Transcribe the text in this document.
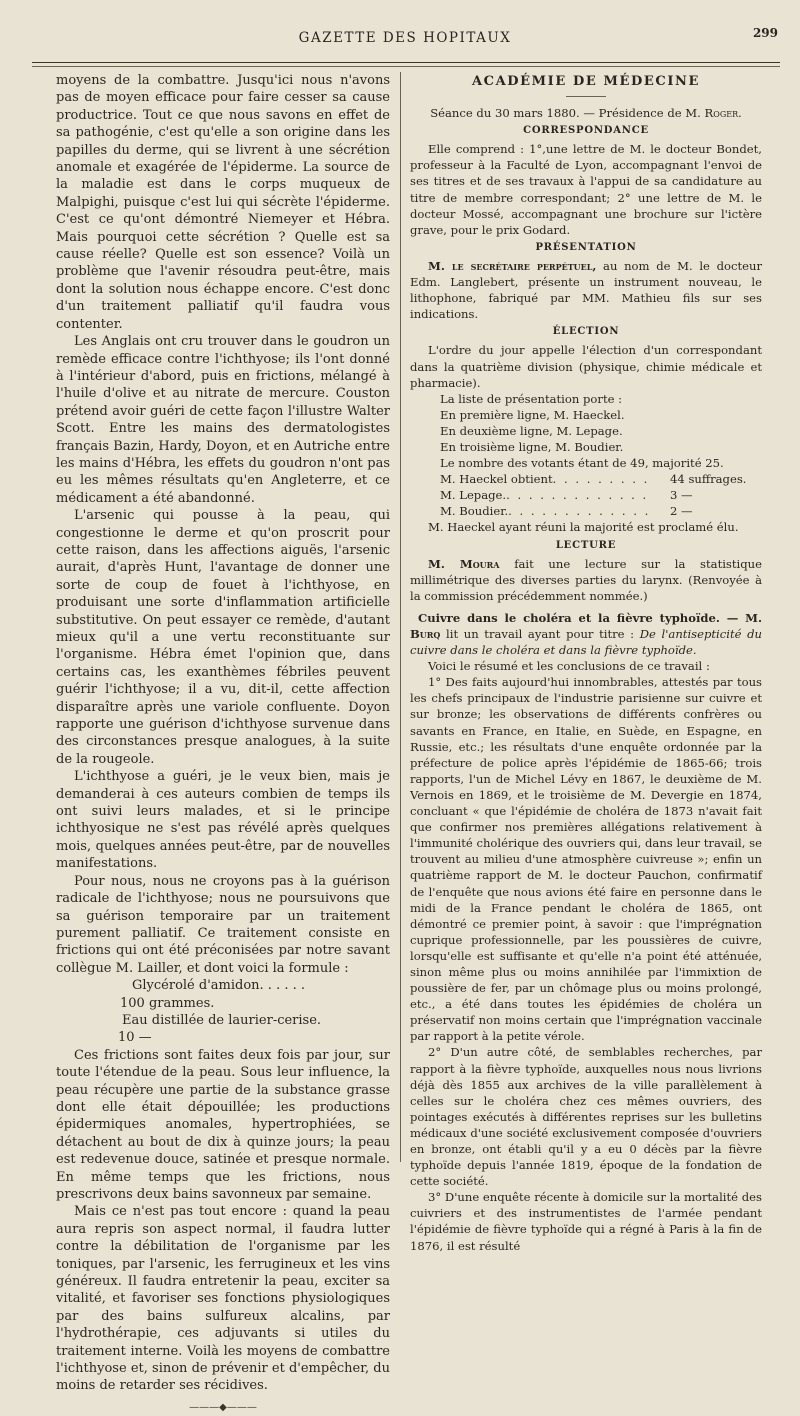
GAZETTE DES HOPITAUX	299

moyens de la combattre. Jusqu'ici nous n'avons pas de moyen efficace pour faire cesser sa cause productrice. Tout ce que nous savons en effet de sa pathogénie, c'est qu'elle a son origine dans les papilles du derme, qui se livrent à une sécrétion anomale et exagérée de l'épiderme. La source de la maladie est dans le corps muqueux de Malpighi, puisque c'est lui qui sécrète l'épiderme. C'est ce qu'ont démontré Niemeyer et Hébra. Mais pourquoi cette sécrétion ? Quelle est sa cause réelle? Quelle est son essence? Voilà un problème que l'avenir résoudra peut-être, mais dont la solution nous échappe encore. C'est donc d'un traitement palliatif qu'il faudra vous contenter.

Les Anglais ont cru trouver dans le goudron un remède efficace contre l'ichthyose; ils l'ont donné à l'intérieur d'abord, puis en frictions, mélangé à l'huile d'olive et au nitrate de mercure. Couston prétend avoir guéri de cette façon l'illustre Walter Scott. Entre les mains des dermatologistes français Bazin, Hardy, Doyon, et en Autriche entre les mains d'Hébra, les effets du goudron n'ont pas eu les mêmes résultats qu'en Angleterre, et ce médicament a été abandonné.

L'arsenic qui pousse à la peau, qui congestionne le derme et qu'on proscrit pour cette raison, dans les affections aiguës, l'arsenic aurait, d'après Hunt, l'avantage de donner une sorte de coup de fouet à l'ichthyose, en produisant une sorte d'inflammation artificielle substitutive. On peut essayer ce remède, d'autant mieux qu'il a une vertu reconstituante sur l'organisme. Hébra émet l'opinion que, dans certains cas, les exanthèmes fébriles peuvent guérir l'ichthyose; il a vu, dit-il, cette affection disparaître après une variole confluente. Doyon rapporte une guérison d'ichthyose survenue dans des circonstances presque analogues, à la suite de la rougeole.

L'ichthyose a guéri, je le veux bien, mais je demanderai à ces auteurs combien de temps ils ont suivi leurs malades, et si le principe ichthyosique ne s'est pas révélé après quelques mois, quelques années peut-être, par de nouvelles manifestations.

Pour nous, nous ne croyons pas à la guérison radicale de l'ichthyose; nous ne poursuivons que sa guérison temporaire par un traitement purement palliatif. Ce traitement consiste en frictions qui ont été préconisées par notre savant collègue M. Lailler, et dont voici la formule :

Glycérolé d'amidon. . . . . . 100 grammes.

Eau distillée de laurier-cerise. 10 —

Ces frictions sont faites deux fois par jour, sur toute l'étendue de la peau. Sous leur influence, la peau récupère une partie de la substance grasse dont elle était dépouillée; les productions épidermiques anomales, hypertrophiées, se détachent au bout de dix à quinze jours; la peau est redevenue douce, satinée et presque normale. En même temps que les frictions, nous prescrivons deux bains savonneux par semaine.

Mais ce n'est pas tout encore : quand la peau aura repris son aspect normal, il faudra lutter contre la débilitation de l'organisme par les toniques, par l'arsenic, les ferrugineux et les vins généreux. Il faudra entretenir la peau, exciter sa vitalité, et favoriser ses fonctions physiologiques par des bains sulfureux alcalins, par l'hydrothérapie, ces adjuvants si utiles du traitement interne. Voilà les moyens de combattre l'ichthyose et, sinon de prévenir et d'empêcher, du moins de retarder ses récidives.

———◆———
ACADÉMIE DE MÉDECINE

Séance du 30 mars 1880. — Présidence de M. Roger.

CORRESPONDANCE

Elle comprend : 1°,une lettre de M. le docteur Bondet, professeur à la Faculté de Lyon, accompagnant l'envoi de ses titres et de ses travaux à l'appui de sa candidature au titre de membre correspondant; 2° une lettre de M. le docteur Mossé, accompagnant une brochure sur l'ictère grave, pour le prix Godard.

PRÉSENTATION

M. le secrétaire perpétuel, au nom de M. le docteur Edm. Langlebert, présente un instrument nouveau, le lithophone, fabriqué par MM. Mathieu fils sur ses indications.

ÉLECTION

L'ordre du jour appelle l'élection d'un correspondant dans la quatrième division (physique, chimie médicale et pharmacie).

La liste de présentation porte :

En première ligne, M. Haeckel.

En deuxième ligne, M. Lepage.

En troisième ligne, M. Boudier.

Le nombre des votants étant de 49, majorité 25.

M. Haeckel obtient . . . . . . . . .	44 suffrages.
M. Lepage. . . . . . . . . . . . . .	3 —
M. Boudier. . . . . . . . . . . . . .	2 —

M. Haeckel ayant réuni la majorité est proclamé élu.

LECTURE

M. Moura fait une lecture sur la statistique millimétrique des diverses parties du larynx. (Renvoyée à la commission précédemment nommée.)

Cuivre dans le choléra et la fièvre typhoïde. — M. Burq lit un travail ayant pour titre : De l'antisepticité du cuivre dans le choléra et dans la fièvre typhoïde.

Voici le résumé et les conclusions de ce travail :

1° Des faits aujourd'hui innombrables, attestés par tous les chefs principaux de l'industrie parisienne sur cuivre et sur bronze; les observations de différents confrères ou savants en France, en Italie, en Suède, en Espagne, en Russie, etc.; les résultats d'une enquête ordonnée par la préfecture de police après l'épidémie de 1865-66; trois rapports, l'un de Michel Lévy en 1867, le deuxième de M. Vernois en 1869, et le troisième de M. Devergie en 1874, concluant « que l'épidémie de choléra de 1873 n'avait fait que confirmer nos premières allégations relativement à l'immunité cholérique des ouvriers qui, dans leur travail, se trouvent au milieu d'une atmosphère cuivreuse »; enfin un quatrième rapport de M. le docteur Pauchon, confirmatif de l'enquête que nous avions été faire en personne dans le midi de la France pendant le choléra de 1865, ont démontré ce premier point, à savoir : que l'imprégnation cuprique professionnelle, par les poussières de cuivre, lorsqu'elle est suffisante et qu'elle n'a point été atténuée, sinon même plus ou moins annihilée par l'immixtion de poussière de fer, par un chômage plus ou moins prolongé, etc., a été dans toutes les épidémies de choléra un préservatif non moins certain que l'imprégnation vaccinale par rapport à la petite vérole.

2° D'un autre côté, de semblables recherches, par rapport à la fièvre typhoïde, auxquelles nous nous livrions déjà dès 1855 aux archives de la ville parallèlement à celles sur le choléra chez ces mêmes ouvriers, des pointages exécutés à différentes reprises sur les bulletins médicaux d'une société exclusivement composée d'ouvriers en bronze, ont établi qu'il y a eu 0 décès par la fièvre typhoïde depuis l'année 1819, époque de la fondation de cette société.

3° D'une enquête récente à domicile sur la mortalité des cuivriers et des instrumentistes de l'armée pendant l'épidémie de fièvre typhoïde qui a régné à Paris à la fin de 1876, il est résulté
